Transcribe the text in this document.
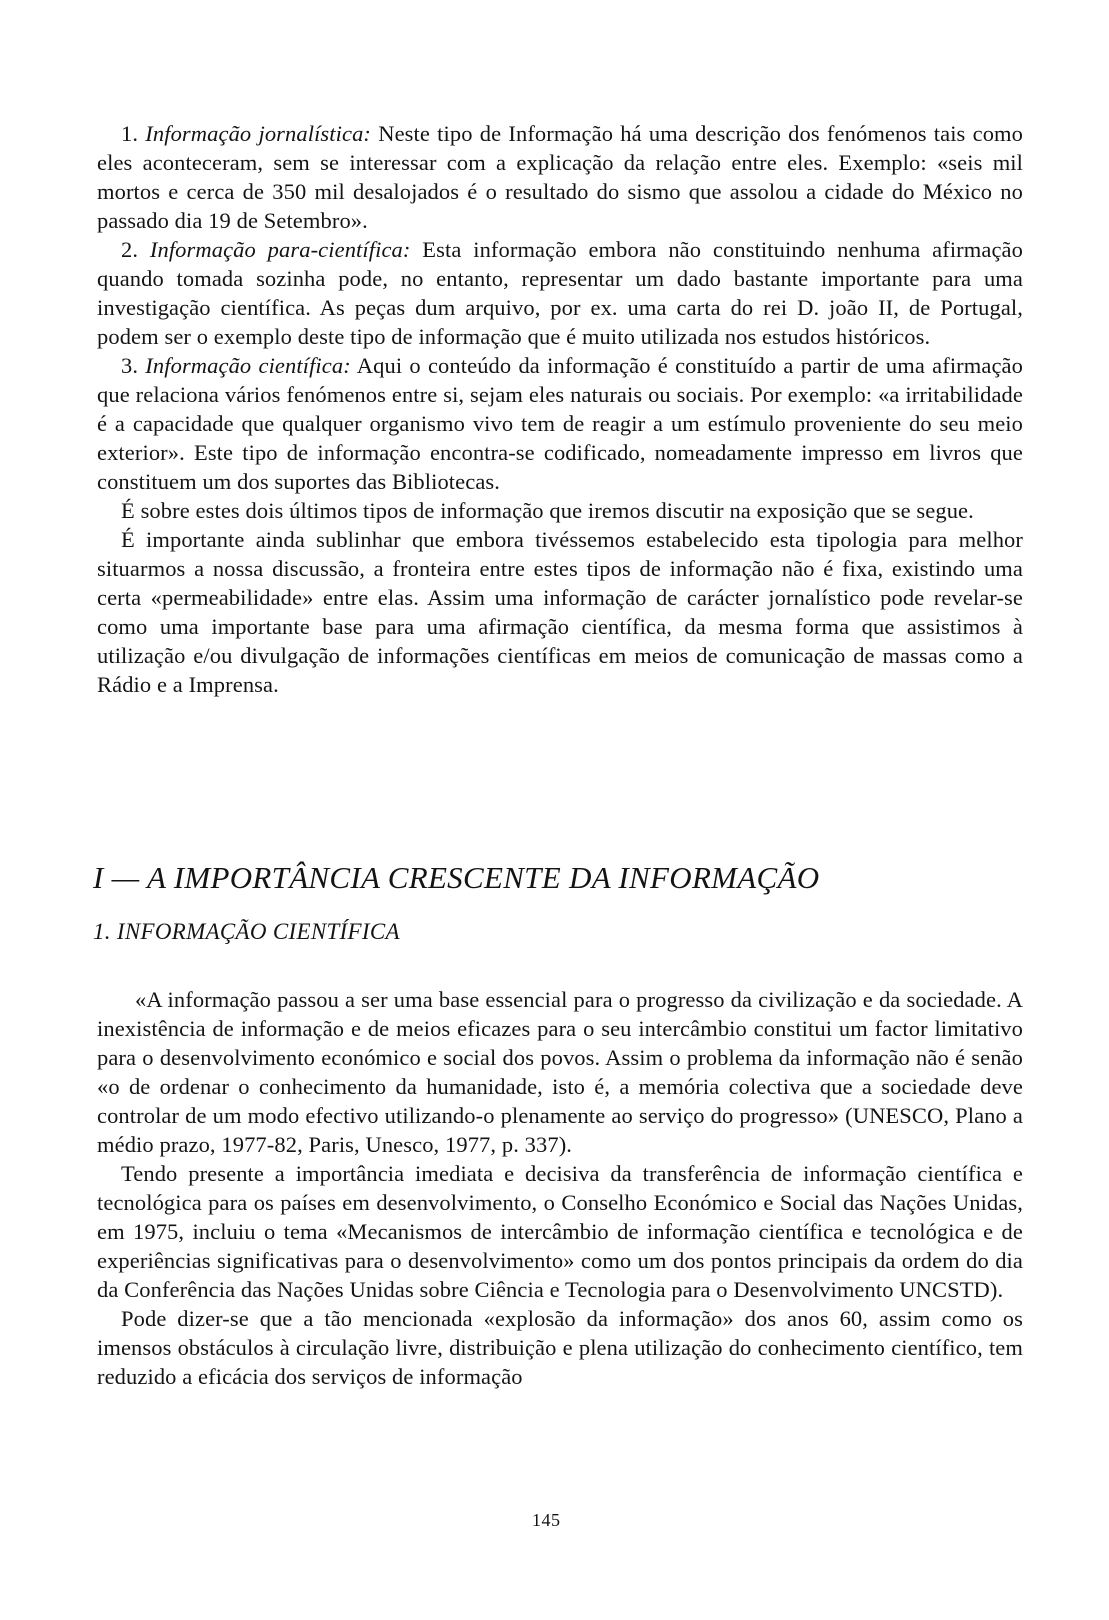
1. Informação jornalística: Neste tipo de Informação há uma descrição dos fenómenos tais como eles aconteceram, sem se interessar com a explicação da relação entre eles. Exemplo: «seis mil mortos e cerca de 350 mil desalojados é o resultado do sismo que assolou a cidade do México no passado dia 19 de Setembro».

2. Informação para-científica: Esta informação embora não constituindo nenhuma afirmação quando tomada sozinha pode, no entanto, representar um dado bastante importante para uma investigação científica. As peças dum arquivo, por ex. uma carta do rei D. joão II, de Portugal, podem ser o exemplo deste tipo de informação que é muito utilizada nos estudos históricos.

3. Informação científica: Aqui o conteúdo da informação é constituído a partir de uma afirmação que relaciona vários fenómenos entre si, sejam eles naturais ou sociais. Por exemplo: «a irritabilidade é a capacidade que qualquer organismo vivo tem de reagir a um estímulo proveniente do seu meio exterior». Este tipo de informação encontra-se codificado, nomeadamente impresso em livros que constituem um dos suportes das Bibliotecas.

É sobre estes dois últimos tipos de informação que iremos discutir na exposição que se segue.

É importante ainda sublinhar que embora tivéssemos estabelecido esta tipologia para melhor situarmos a nossa discussão, a fronteira entre estes tipos de informação não é fixa, existindo uma certa «permeabilidade» entre elas. Assim uma informação de carácter jornalístico pode revelar-se como uma importante base para uma afirmação científica, da mesma forma que assistimos à utilização e/ou divulgação de informações científicas em meios de comunicação de massas como a Rádio e a Imprensa.

I — A IMPORTÂNCIA CRESCENTE DA INFORMAÇÃO
1. INFORMAÇÃO CIENTÍFICA

«A informação passou a ser uma base essencial para o progresso da civilização e da sociedade. A inexistência de informação e de meios eficazes para o seu intercâmbio constitui um factor limitativo para o desenvolvimento económico e social dos povos. Assim o problema da informação não é senão «o de ordenar o conhecimento da humanidade, isto é, a memória colectiva que a sociedade deve controlar de um modo efectivo utilizando-o plenamente ao serviço do progresso» (UNESCO, Plano a médio prazo, 1977-82, Paris, Unesco, 1977, p. 337).

Tendo presente a importância imediata e decisiva da transferência de informação científica e tecnológica para os países em desenvolvimento, o Conselho Económico e Social das Nações Unidas, em 1975, incluiu o tema «Mecanismos de intercâmbio de informação científica e tecnológica e de experiências significativas para o desenvolvimento» como um dos pontos principais da ordem do dia da Conferência das Nações Unidas sobre Ciência e Tecnologia para o Desenvolvimento UNCSTD).

Pode dizer-se que a tão mencionada «explosão da informação» dos anos 60, assim como os imensos obstáculos à circulação livre, distribuição e plena utilização do conhecimento científico, tem reduzido a eficácia dos serviços de informação

145
